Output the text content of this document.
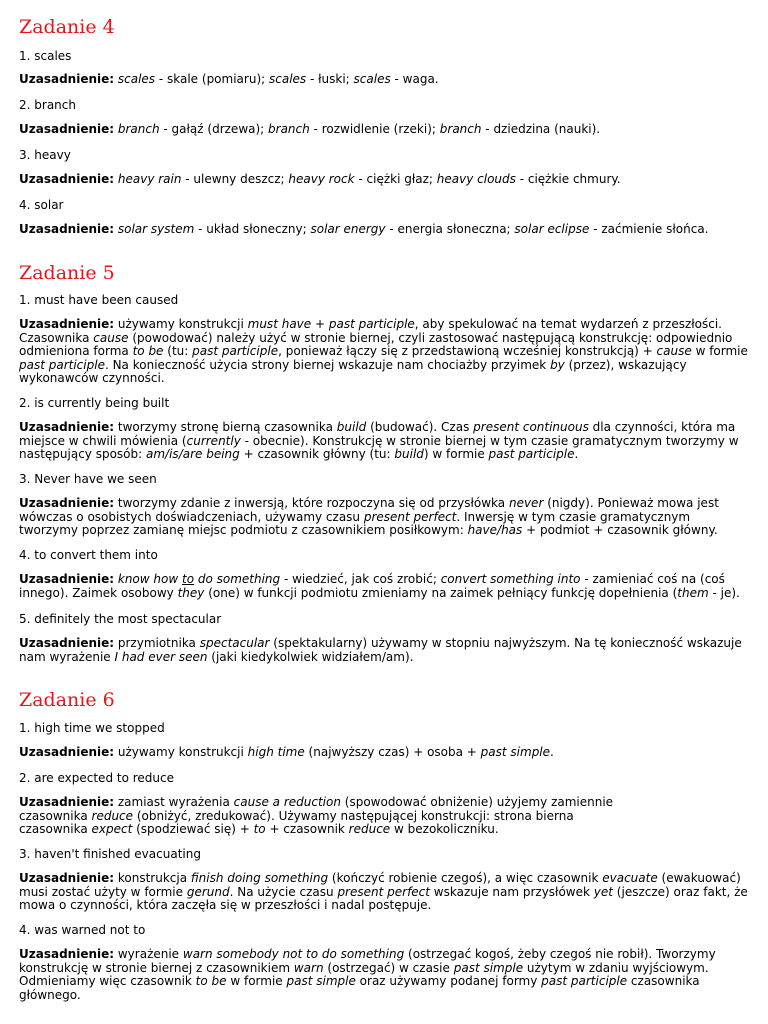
Zadanie 4

1. scales

Uzasadnienie: scales - skale (pomiaru); scales - łuski; scales - waga.

2. branch

Uzasadnienie: branch - gałąź (drzewa); branch - rozwidlenie (rzeki); branch - dziedzina (nauki).

3. heavy

Uzasadnienie: heavy rain - ulewny deszcz; heavy rock - ciężki głaz; heavy clouds - ciężkie chmury.

4. solar

Uzasadnienie: solar system - układ słoneczny; solar energy - energia słoneczna; solar eclipse - zaćmienie słońca.

Zadanie 5

1. must have been caused

Uzasadnienie: używamy konstrukcji must have + past participle, aby spekulować na temat wydarzeń z przeszłości. Czasownika cause (powodować) należy użyć w stronie biernej, czyli zastosować następującą konstrukcję: odpowiednio odmieniona forma to be (tu: past participle, ponieważ łączy się z przedstawioną wcześniej konstrukcją) + cause w formie past participle. Na konieczność użycia strony biernej wskazuje nam chociażby przyimek by (przez), wskazujący wykonawców czynności.

2. is currently being built

Uzasadnienie: tworzymy stronę bierną czasownika build (budować). Czas present continuous dla czynności, która ma miejsce w chwili mówienia (currently - obecnie). Konstrukcję w stronie biernej w tym czasie gramatycznym tworzymy w następujący sposób: am/is/are being + czasownik główny (tu: build) w formie past participle.

3. Never have we seen

Uzasadnienie: tworzymy zdanie z inwersją, które rozpoczyna się od przysłówka never (nigdy). Ponieważ mowa jest wówczas o osobistych doświadczeniach, używamy czasu present perfect. Inwersję w tym czasie gramatycznym tworzymy poprzez zamianę miejsc podmiotu z czasownikiem posiłkowym: have/has + podmiot + czasownik główny.

4. to convert them into

Uzasadnienie: know how to do something - wiedzieć, jak coś zrobić; convert something into - zamieniać coś na (coś innego). Zaimek osobowy they (one) w funkcji podmiotu zmieniamy na zaimek pełniący funkcję dopełnienia (them - je).

5. definitely the most spectacular

Uzasadnienie: przymiotnika spectacular (spektakularny) używamy w stopniu najwyższym. Na tę konieczność wskazuje nam wyrażenie I had ever seen (jaki kiedykolwiek widziałem/am).

Zadanie 6

1. high time we stopped

Uzasadnienie: używamy konstrukcji high time (najwyższy czas) + osoba + past simple.

2. are expected to reduce

Uzasadnienie: zamiast wyrażenia cause a reduction (spowodować obniżenie) użyjemy zamiennie
czasownika reduce (obniżyć, zredukować). Używamy następującej konstrukcji: strona bierna
czasownika expect (spodziewać się) + to + czasownik reduce w bezokoliczniku.

3. haven't finished evacuating

Uzasadnienie: konstrukcja finish doing something (kończyć robienie czegoś), a więc czasownik evacuate (ewakuować) musi zostać użyty w formie gerund. Na użycie czasu present perfect wskazuje nam przysłówek yet (jeszcze) oraz fakt, że mowa o czynności, która zaczęła się w przeszłości i nadal postępuje.

4. was warned not to

Uzasadnienie: wyrażenie warn somebody not to do something (ostrzegać kogoś, żeby czegoś nie robił). Tworzymy konstrukcję w stronie biernej z czasownikiem warn (ostrzegać) w czasie past simple użytym w zdaniu wyjściowym. Odmieniamy więc czasownik to be w formie past simple oraz używamy podanej formy past participle czasownika głównego.
